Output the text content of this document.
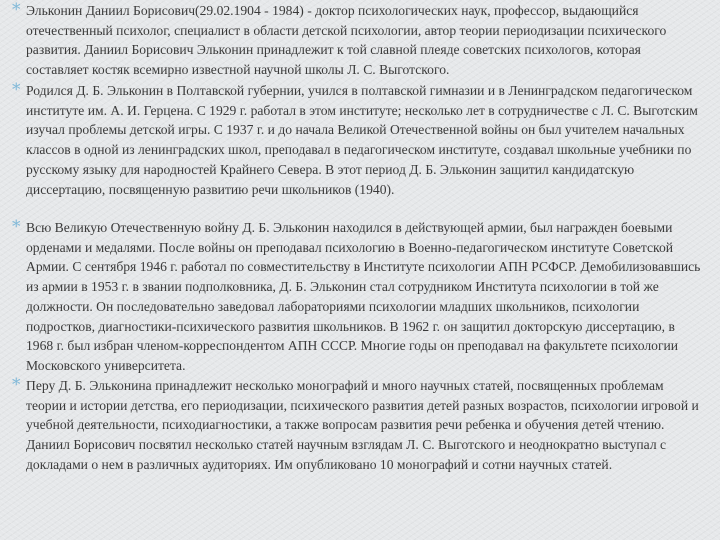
* Эльконин Даниил Борисович(29.02.1904 - 1984) - доктор психологических наук, профессор, выдающийся отечественный психолог, специалист в области детской психологии, автор теории периодизации психического развития. Даниил Борисович Эльконин принадлежит к той славной плеяде советских психологов, которая составляет костяк всемирно известной научной школы Л. С. Выготского.

* Родился Д. Б. Эльконин в Полтавской губернии, учился в полтавской гимназии и в Ленинградском педагогическом институте им. А. И. Герцена. С 1929 г. работал в этом институте; несколько лет в сотрудничестве с Л. С. Выготским изучал проблемы детской игры. С 1937 г. и до начала Великой Отечественной войны он был учителем начальных классов в одной из ленинградских школ, преподавал в педагогическом институте, создавал школьные учебники по русскому языку для народностей Крайнего Севера. В этот период Д. Б. Эльконин защитил кандидатскую диссертацию, посвященную развитию речи школьников (1940).

* Всю Великую Отечественную войну Д. Б. Эльконин находился в действующей армии, был награжден боевыми орденами и медалями. После войны он преподавал психологию в Военно-педагогическом институте Советской Армии. С сентября 1946 г. работал по совместительству в Институте психологии АПН РСФСР. Демобилизовавшись из армии в 1953 г. в звании подполковника, Д. Б. Эльконин стал сотрудником Института психологии в той же должности. Он последовательно заведовал лабораториями психологии младших школьников, психологии подростков, диагностики-психического развития школьников. В 1962 г. он защитил докторскую диссертацию, в 1968 г. был избран членом-корреспондентом АПН СССР. Многие годы он преподавал на факультете психологии Московского университета.

* Перу Д. Б. Эльконина принадлежит несколько монографий и много научных статей, посвященных проблемам теории и истории детства, его периодизации, психического развития детей разных возрастов, психологии игровой и учебной деятельности, психодиагностики, а также вопросам развития речи ребенка и обучения детей чтению. Даниил Борисович посвятил несколько статей научным взглядам Л. С. Выготского и неоднократно выступал с докладами о нем в различных аудиториях. Им опубликовано 10 монографий и сотни научных статей.
